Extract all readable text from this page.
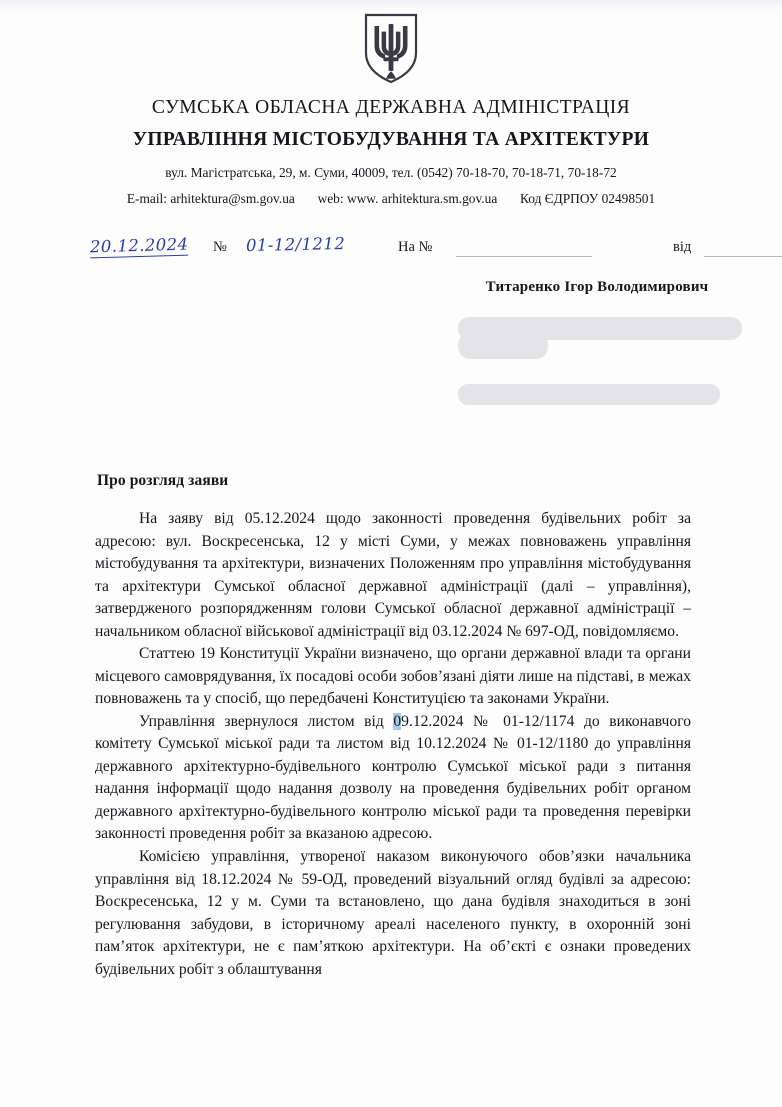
СУМСЬКА ОБЛАСНА ДЕРЖАВНА АДМІНІСТРАЦІЯ
УПРАВЛІННЯ МІСТОБУДУВАННЯ ТА АРХІТЕКТУРИ
вул. Магістратська, 29, м. Суми, 40009, тел. (0542) 70-18-70, 70-18-71, 70-18-72
E-mail: arhitektura@sm.gov.ua web: www. arhitektura.sm.gov.ua Код ЄДРПОУ 02498501
20.12.2024 № 01-12/1212	На №	від
Титаренко Ігор Володимирович
Про розгляд заяви

На заяву від 05.12.2024 щодо законності проведення будівельних робіт за адресою: вул. Воскресенська, 12 у місті Суми, у межах повноважень управління містобудування та архітектури, визначених Положенням про управління містобудування та архітектури Сумської обласної державної адміністрації (далі – управління), затвердженого розпорядженням голови Сумської обласної державної адміністрації – начальником обласної військової адміністрації від 03.12.2024 № 697-ОД, повідомляємо.

Статтею 19 Конституції України визначено, що органи державної влади та органи місцевого самоврядування, їх посадові особи зобов’язані діяти лише на підставі, в межах повноважень та у спосіб, що передбачені Конституцією та законами України.

Управління звернулося листом від 09.12.2024 № 01-12/1174 до виконавчого комітету Сумської міської ради та листом від 10.12.2024 № 01-12/1180 до управління державного архітектурно-будівельного контролю Сумської міської ради з питання надання інформації щодо надання дозволу на проведення будівельних робіт органом державного архітектурно-будівельного контролю міської ради та проведення перевірки законності проведення робіт за вказаною адресою.

Комісією управління, утвореної наказом виконуючого обов’язки начальника управління від 18.12.2024 № 59-ОД, проведений візуальний огляд будівлі за адресою: Воскресенська, 12 у м. Суми та встановлено, що дана будівля знаходиться в зоні регулювання забудови, в історичному ареалі населеного пункту, в охоронній зоні пам’яток архітектури, не є пам’яткою архітектури. На об’єкті є ознаки проведених будівельних робіт з облаштування
